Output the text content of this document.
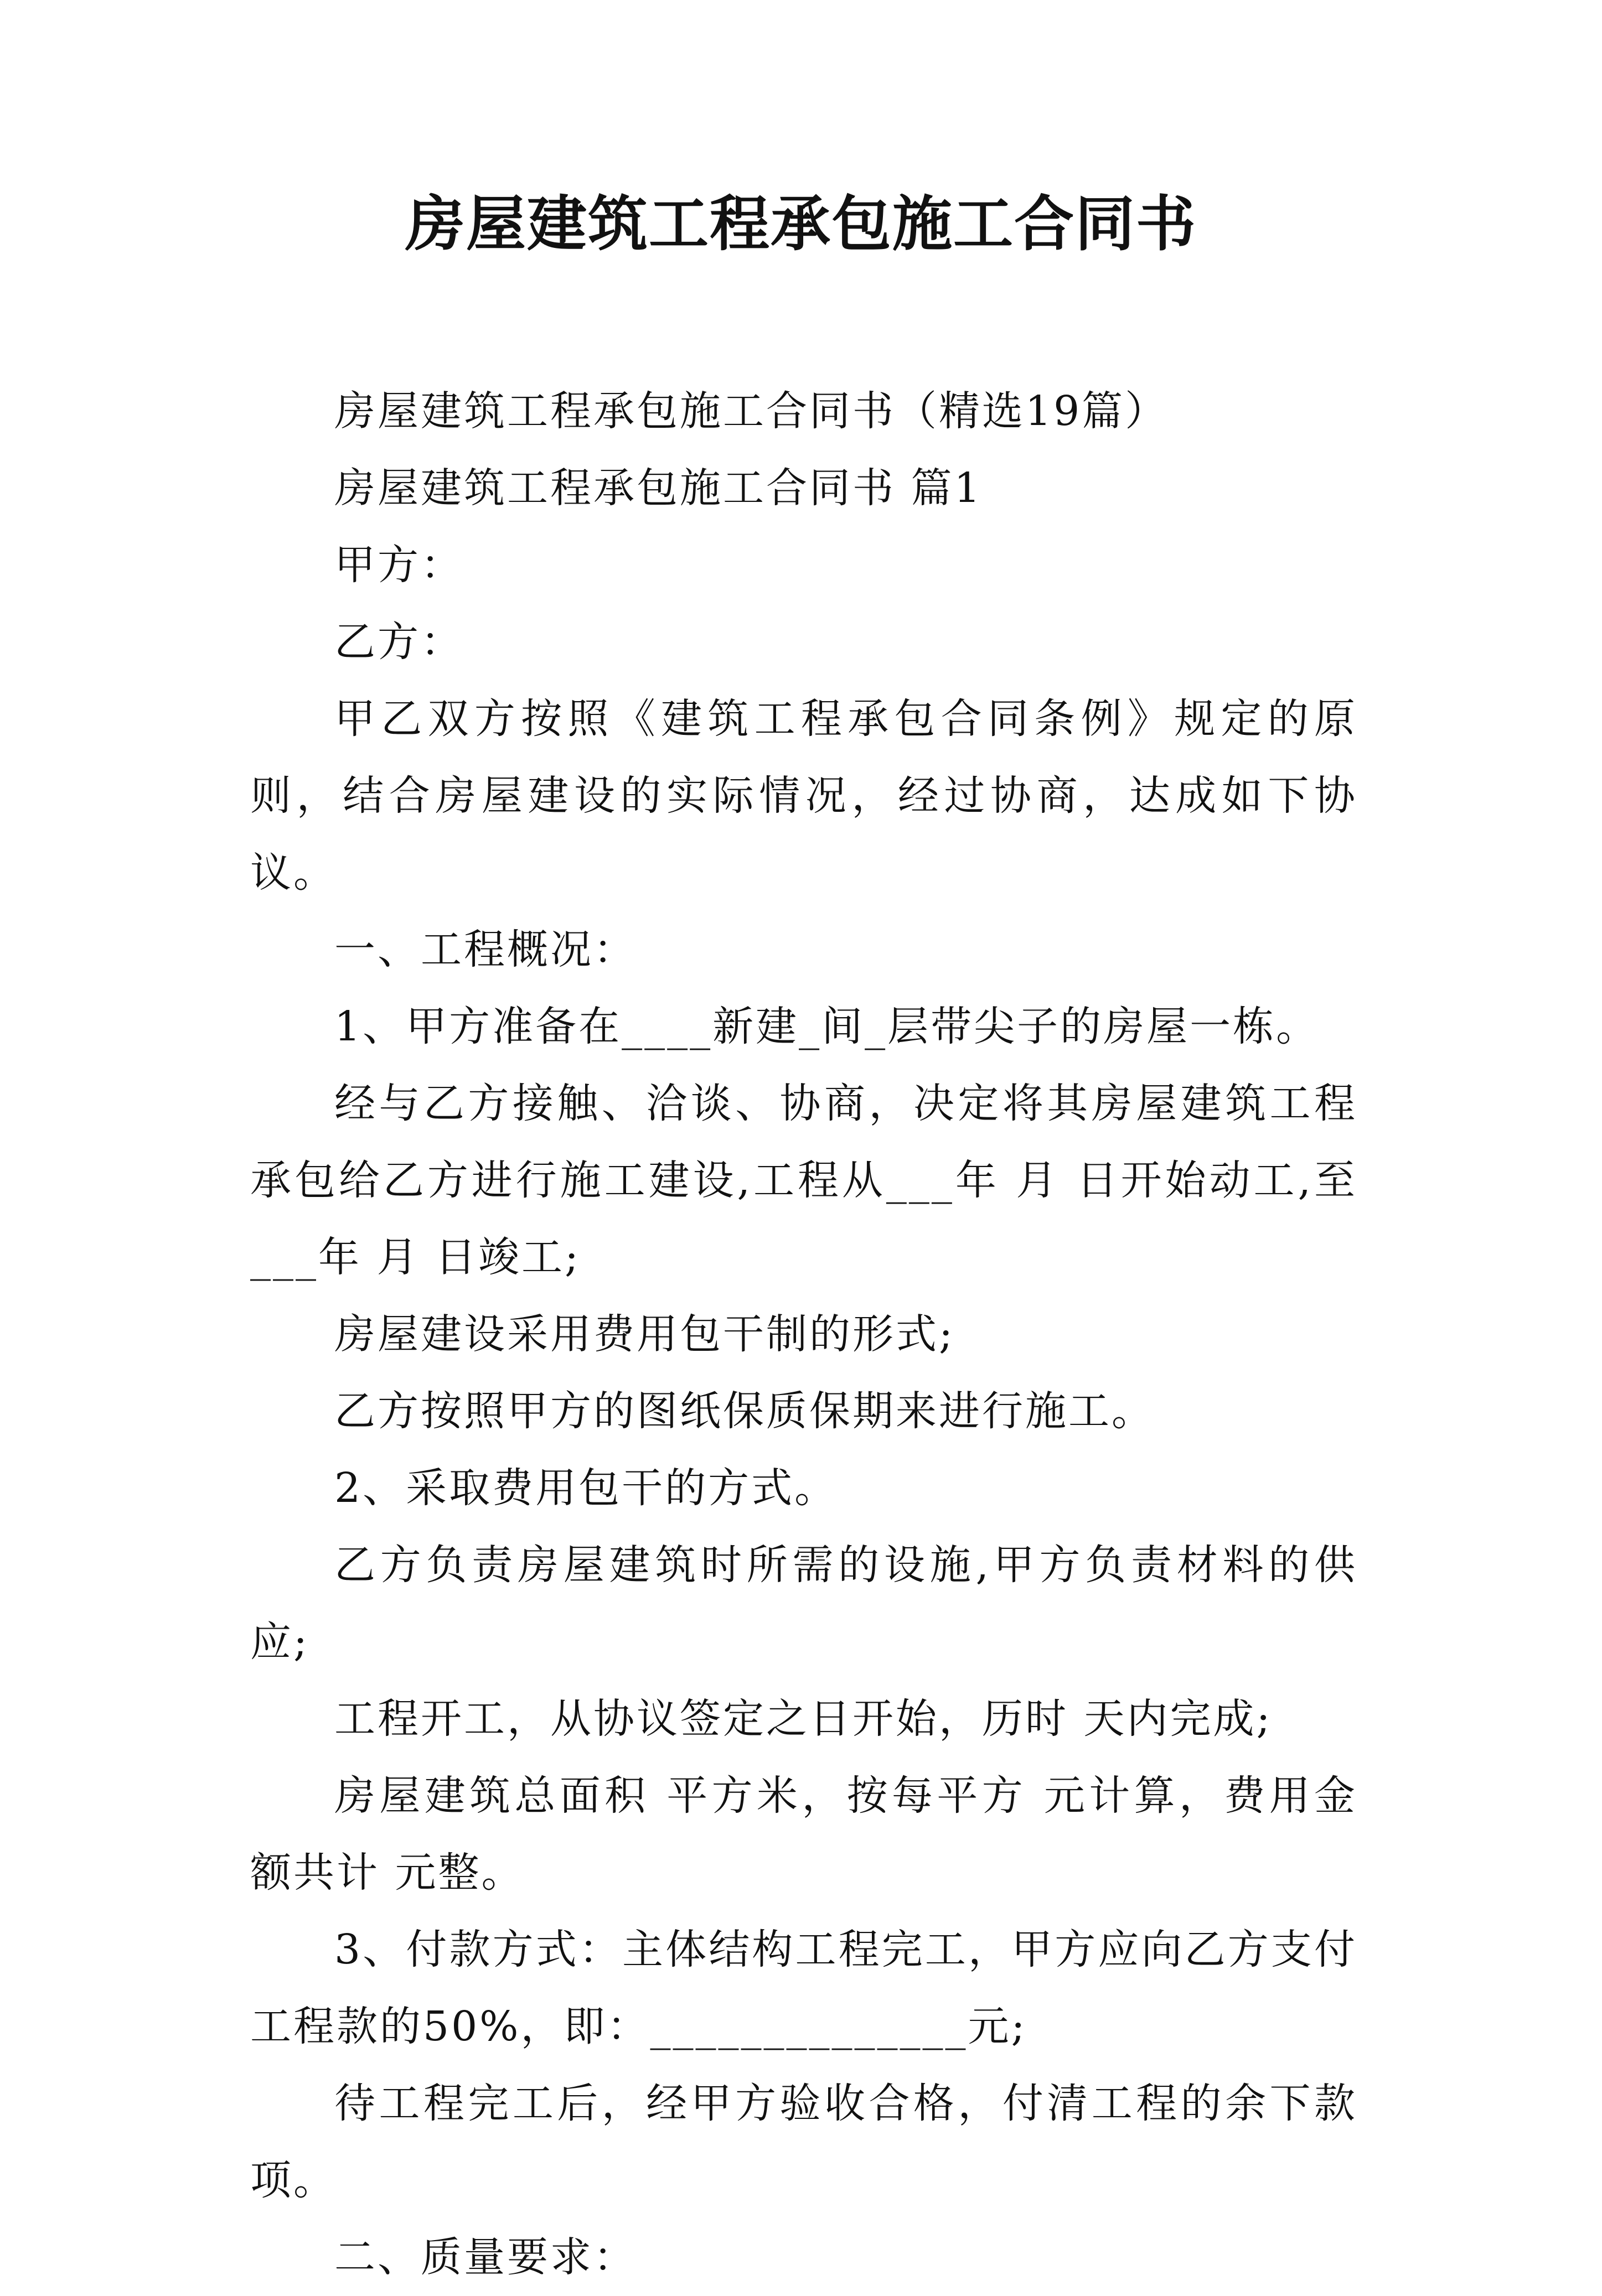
房屋建筑工程承包施工合同书

房屋建筑工程承包施工合同书（精选19篇）

房屋建筑工程承包施工合同书 篇1

甲方：

乙方：

甲乙双方按照《建筑工程承包合同条例》规定的原则，结合房屋建设的实际情况，经过协商，达成如下协议。

一、工程概况：

1、甲方准备在____新建_间_层带尖子的房屋一栋。

经与乙方接触、洽谈、协商，决定将其房屋建筑工程承包给乙方进行施工建设,工程从___年 月 日开始动工,至___年 月 日竣工;

房屋建设采用费用包干制的形式;

乙方按照甲方的图纸保质保期来进行施工。

2、采取费用包干的方式。

乙方负责房屋建筑时所需的设施,甲方负责材料的供应;

工程开工，从协议签定之日开始，历时 天内完成;

房屋建筑总面积 平方米，按每平方 元计算，费用金额共计 元整。

3、付款方式：主体结构工程完工，甲方应向乙方支付工程款的50%，即：______________元;

待工程完工后，经甲方验收合格，付清工程的余下款项。

二、质量要求：
